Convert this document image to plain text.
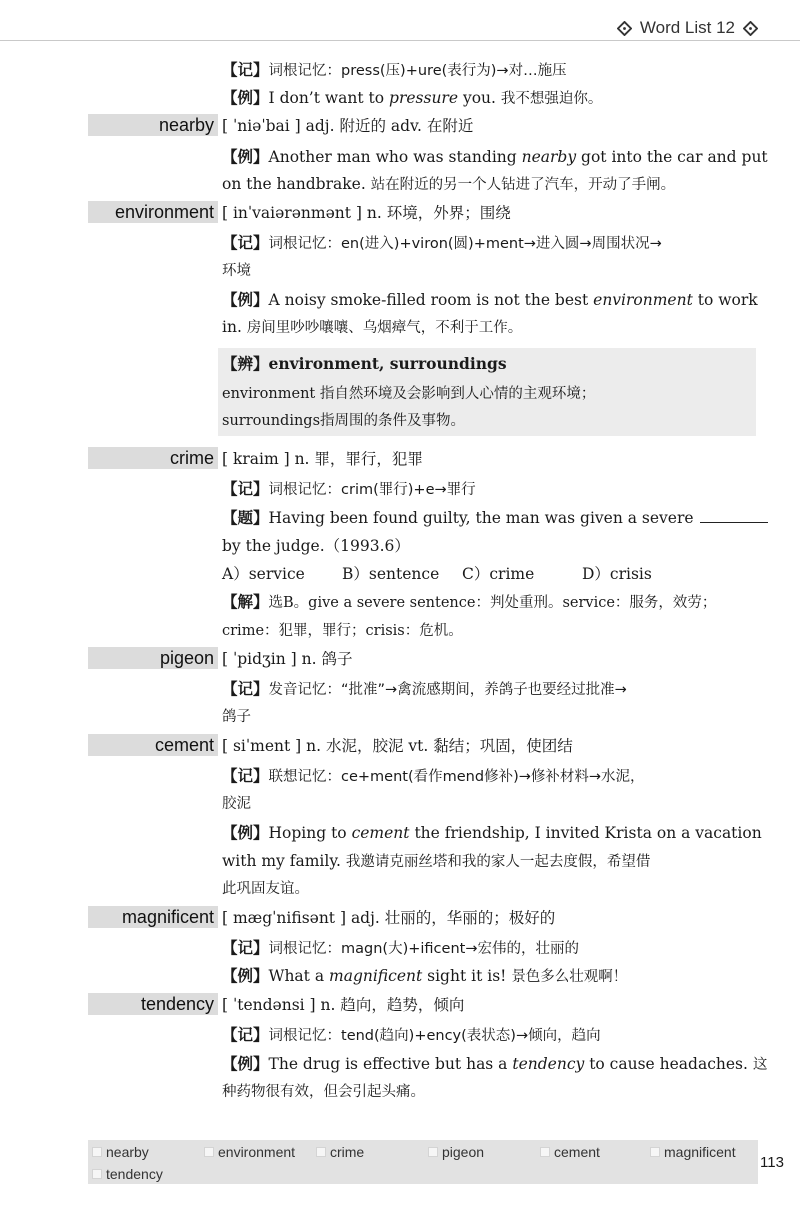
Word List 12
【记】词根记忆：press(压)+ure(表行为)→对…施压
【例】I don’t want to pressure you. 我不想强迫你。
nearby [ ˈniəˈbai ] adj. 附近的 adv. 在附近
【例】Another man who was standing nearby got into the car and put
on the handbrake. 站在附近的另一个人钻进了汽车，开动了手闸。
environment [ inˈvaiərənmənt ] n. 环境，外界；围绕
【记】词根记忆：en(进入)+viron(圆)+ment→进入圆→周围状况→
环境
【例】A noisy smoke-filled room is not the best environment to work
in. 房间里吵吵嚷嚷、乌烟瘴气，不利于工作。
【辨】environment, surroundings
environment 指自然环境及会影响到人心情的主观环境；
surroundings指周围的条件及事物。
crime [ kraim ] n. 罪，罪行，犯罪
【记】词根记忆：crim(罪行)+e→罪行
【题】Having been found guilty, the man was given a severe
by the judge.（1993.6）
A）service B）sentence C）crime	D）crisis
【解】选B。give a severe sentence：判处重刑。service：服务，效劳；
crime：犯罪，罪行；crisis：危机。
pigeon [ ˈpidʒin ] n. 鸽子
【记】发音记忆：“批准”→禽流感期间，养鸽子也要经过批准→
鸽子
cement [ siˈment ] n. 水泥，胶泥 vt. 黏结；巩固，使团结
【记】联想记忆：ce+ment(看作mend修补)→修补材料→水泥，
胶泥
【例】Hoping to cement the friendship, I invited Krista on a vacation
with my family. 我邀请克丽丝塔和我的家人一起去度假，希望借
此巩固友谊。
magnificent [ mægˈnifisənt ] adj. 壮丽的，华丽的；极好的
【记】词根记忆：magn(大)+ificent→宏伟的，壮丽的
【例】What a magnificent sight it is! 景色多么壮观啊！
tendency [ ˈtendənsi ] n. 趋向，趋势，倾向
【记】词根记忆：tend(趋向)+ency(表状态)→倾向，趋向
【例】The drug is effective but has a tendency to cause headaches. 这
种药物很有效，但会引起头痛。
nearby	environment crime	pigeon	cement	magnificent
tendency
113
